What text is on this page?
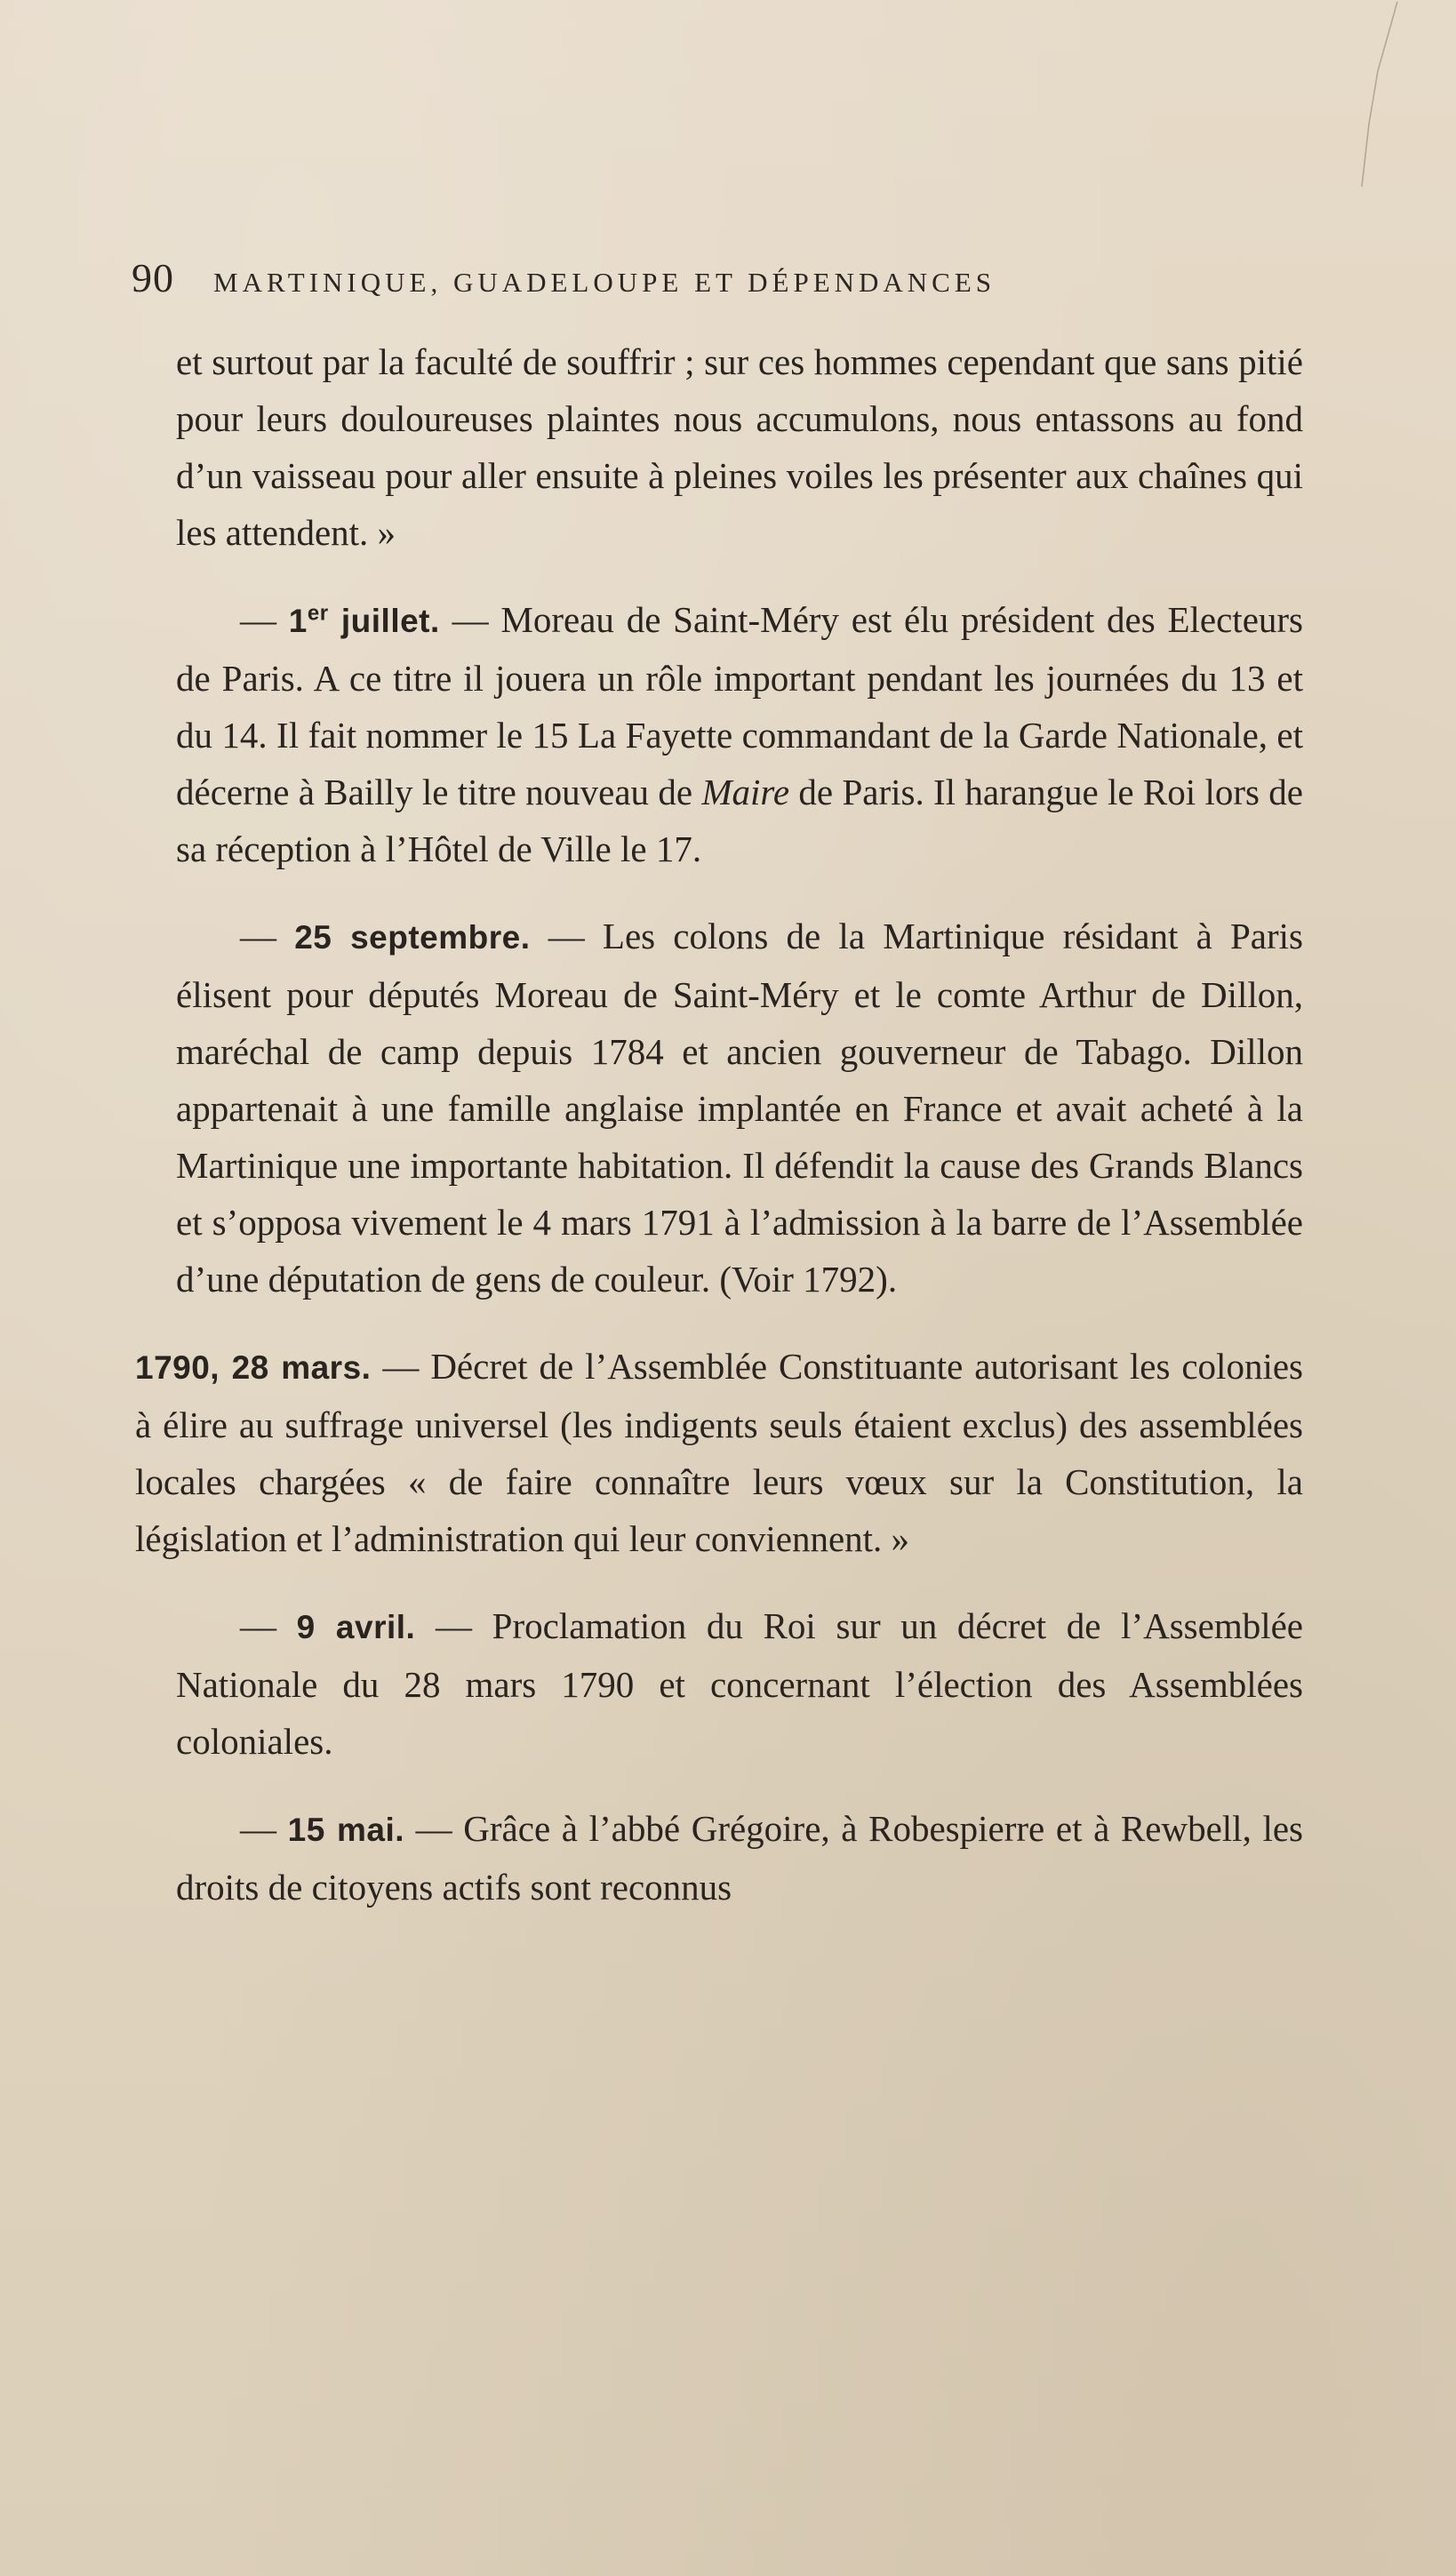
90 MARTINIQUE, GUADELOUPE ET DÉPENDANCES

et surtout par la faculté de souffrir ; sur ces hommes cependant que sans pitié pour leurs douloureuses plaintes nous accumulons, nous entassons au fond d’un vaisseau pour aller ensuite à pleines voiles les présenter aux chaînes qui les attendent. »

— 1er juillet. — Moreau de Saint-Méry est élu président des Electeurs de Paris. A ce titre il jouera un rôle important pendant les journées du 13 et du 14. Il fait nommer le 15 La Fayette commandant de la Garde Nationale, et décerne à Bailly le titre nouveau de Maire de Paris. Il harangue le Roi lors de sa réception à l’Hôtel de Ville le 17.

— 25 septembre. — Les colons de la Martinique résidant à Paris élisent pour députés Moreau de Saint-Méry et le comte Arthur de Dillon, maréchal de camp depuis 1784 et ancien gouverneur de Tabago. Dillon appartenait à une famille anglaise implantée en France et avait acheté à la Martinique une importante habitation. Il défendit la cause des Grands Blancs et s’opposa vivement le 4 mars 1791 à l’admission à la barre de l’Assemblée d’une députation de gens de couleur. (Voir 1792).

1790, 28 mars. — Décret de l’Assemblée Constituante autorisant les colonies à élire au suffrage universel (les indigents seuls étaient exclus) des assemblées locales chargées « de faire connaître leurs vœux sur la Constitution, la législation et l’administration qui leur conviennent. »

— 9 avril. — Proclamation du Roi sur un décret de l’Assemblée Nationale du 28 mars 1790 et concernant l’élection des Assemblées coloniales.

— 15 mai. — Grâce à l’abbé Grégoire, à Robespierre et à Rewbell, les droits de citoyens actifs sont reconnus
